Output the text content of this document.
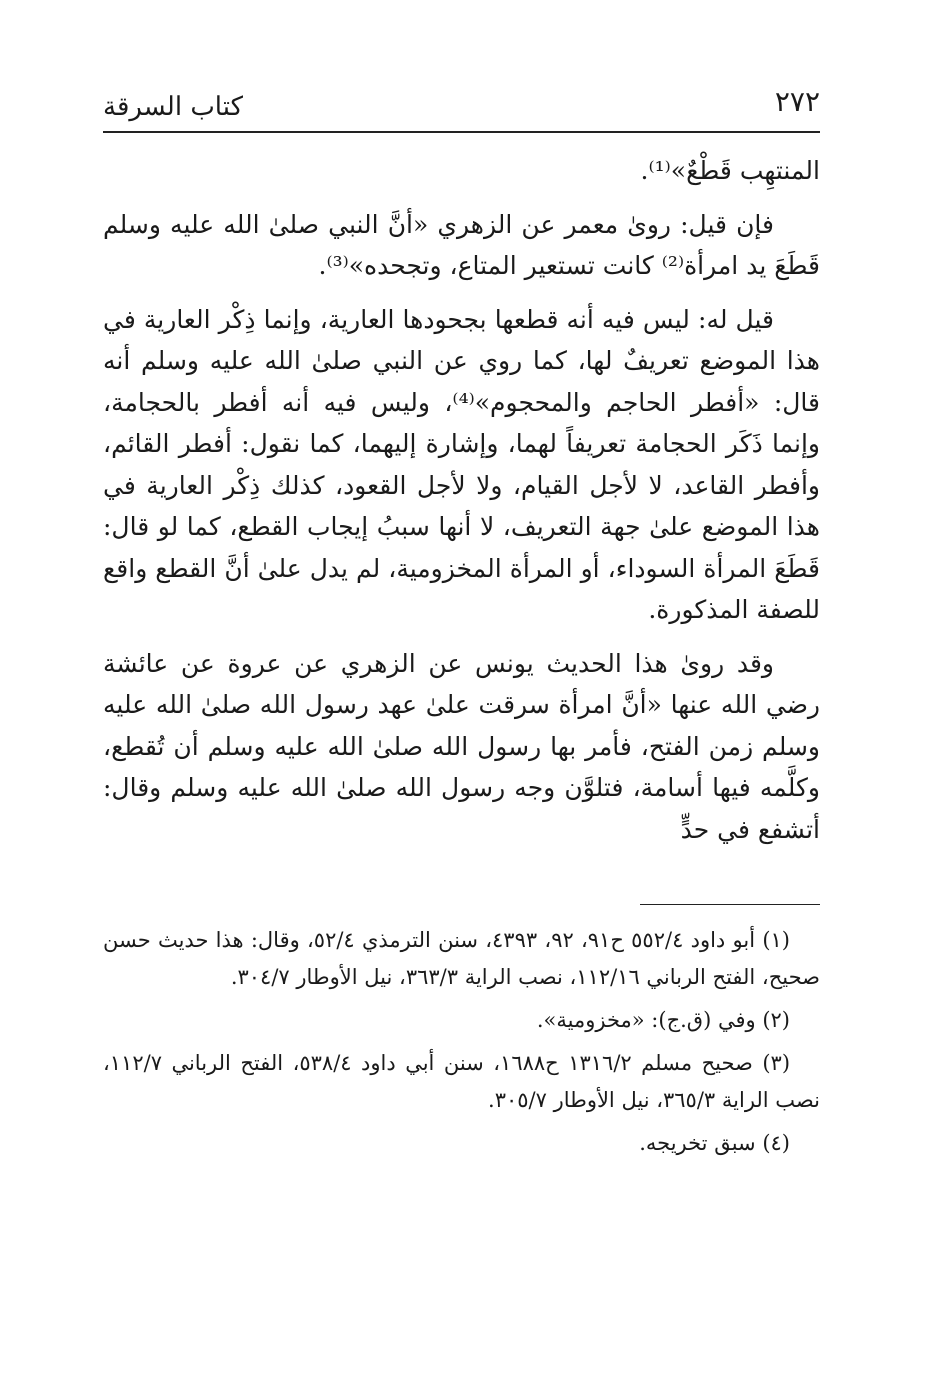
٢٧٢
كتاب السرقة

المنتهِب قَطْعٌ»⁽¹⁾.

فإن قيل: روىٰ معمر عن الزهري «أنَّ النبي صلىٰ الله عليه وسلم قَطَعَ يد امرأة⁽²⁾ كانت تستعير المتاع، وتجحده»⁽³⁾.

قيل له: ليس فيه أنه قطعها بجحودها العارية، وإنما ذِكْر العارية في هذا الموضع تعريفٌ لها، كما روي عن النبي صلىٰ الله عليه وسلم أنه قال: «أفطر الحاجم والمحجوم»⁽⁴⁾، وليس فيه أنه أفطر بالحجامة، وإنما ذَكَر الحجامة تعريفاً لهما، وإشارة إليهما، كما نقول: أفطر القائم، وأفطر القاعد، لا لأجل القيام، ولا لأجل القعود، كذلك ذِكْر العارية في هذا الموضع علىٰ جهة التعريف، لا أنها سببُ إيجاب القطع، كما لو قال: قَطَعَ المرأة السوداء، أو المرأة المخزومية، لم يدل علىٰ أنَّ القطع واقع للصفة المذكورة.

وقد روىٰ هذا الحديث يونس عن الزهري عن عروة عن عائشة رضي الله عنها «أنَّ امرأة سرقت علىٰ عهد رسول الله صلىٰ الله عليه وسلم زمن الفتح، فأمر بها رسول الله صلىٰ الله عليه وسلم أن تُقطع، وكلَّمه فيها أسامة، فتلوَّن وجه رسول الله صلىٰ الله عليه وسلم وقال: أتشفع في حدٍّ

(١) أبو داود ٥٥٢/٤ ح٩١، ٩٢، ٤٣٩٣، سنن الترمذي ٥٢/٤، وقال: هذا حديث حسن صحيح، الفتح الرباني ١١٢/١٦، نصب الراية ٣٦٣/٣، نيل الأوطار ٣٠٤/٧.

(٢) وفي (ق.ج): «مخزومية».

(٣) صحيح مسلم ١٣١٦/٢ ح١٦٨٨، سنن أبي داود ٥٣٨/٤، الفتح الرباني ١١٢/٧، نصب الراية ٣٦٥/٣، نيل الأوطار ٣٠٥/٧.

(٤) سبق تخريجه.
